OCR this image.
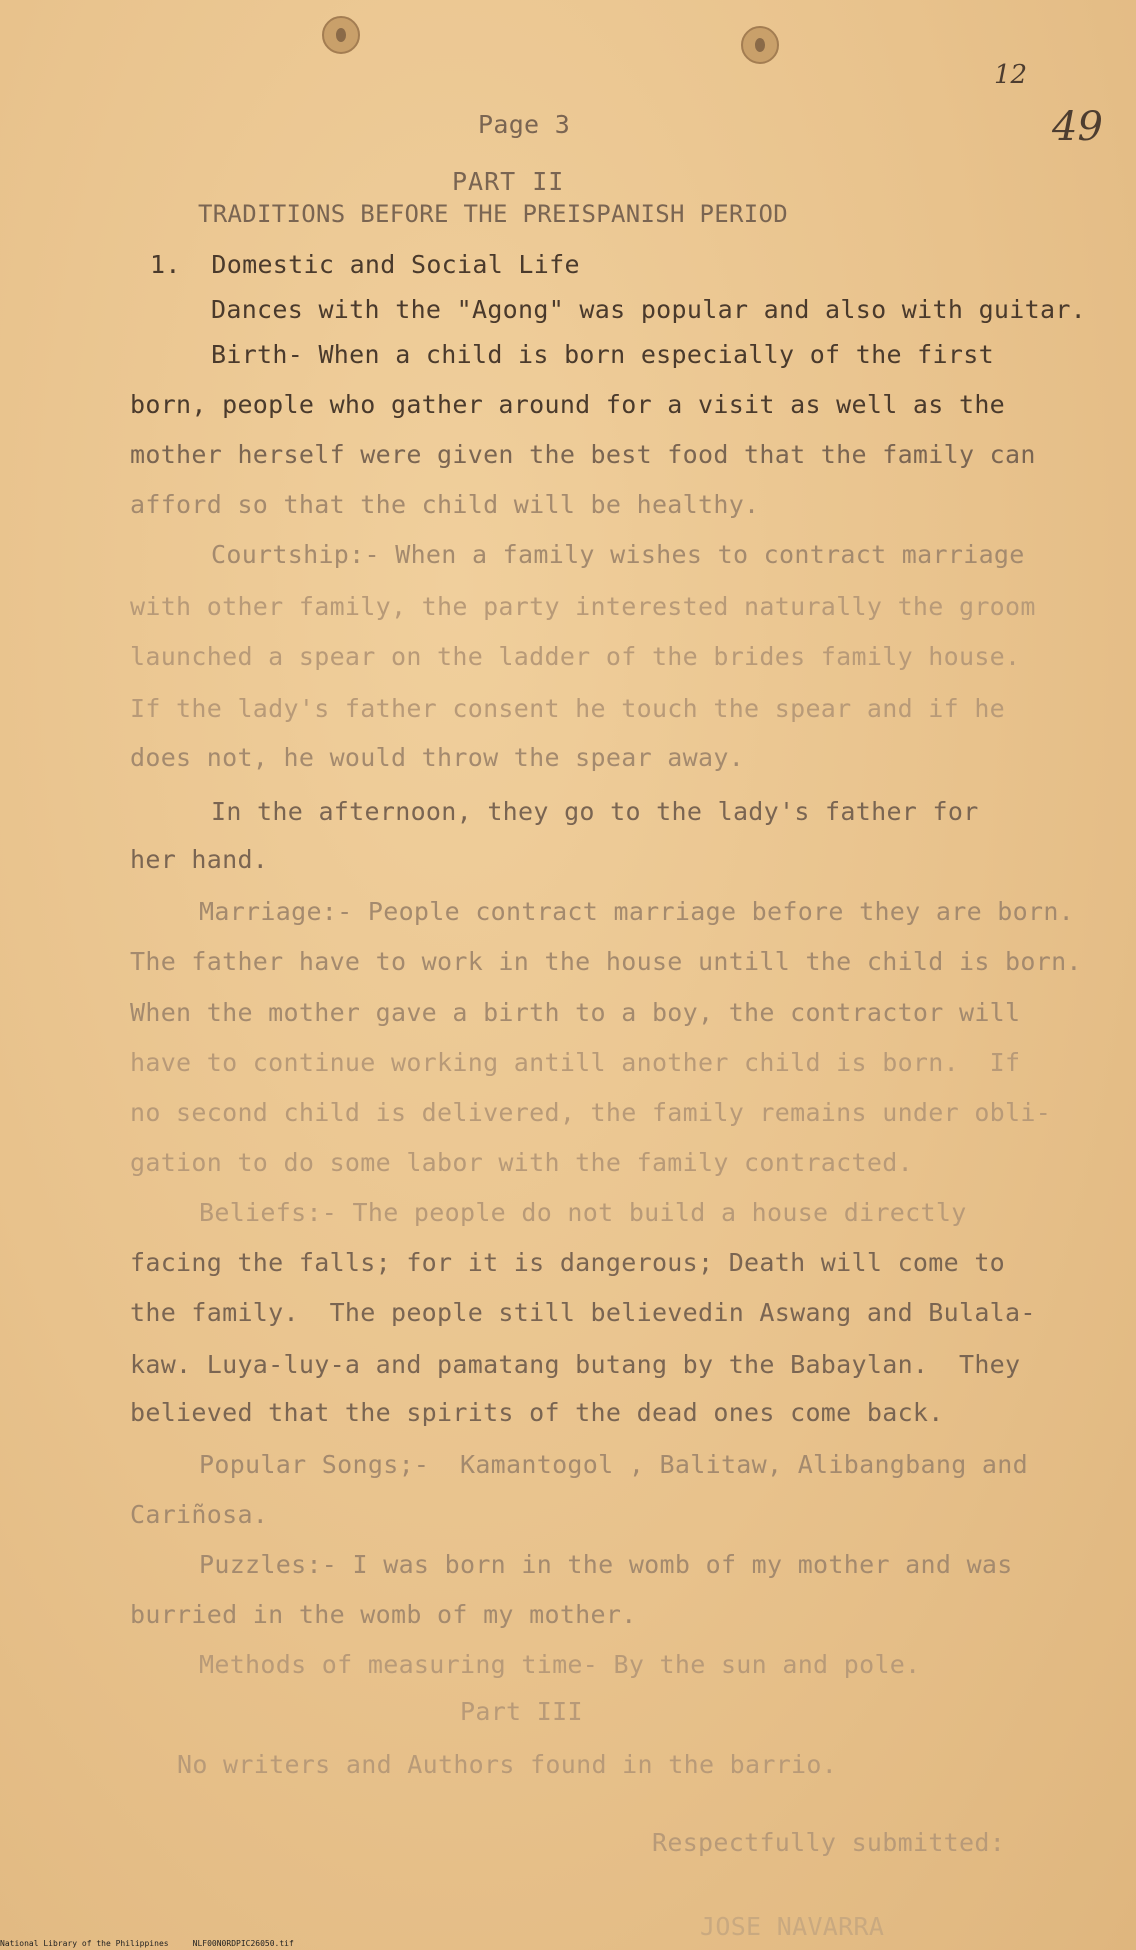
12
49
Page 3
PART II
TRADITIONS BEFORE THE PREISPANISH PERIOD
1.  Domestic and Social Life
Dances with the "Agong" was popular and also with guitar.
Birth- When a child is born especially of the first
born, people who gather around for a visit as well as the
mother herself were given the best food that the family can
afford so that the child will be healthy.
Courtship:- When a family wishes to contract marriage
with other family, the party interested naturally the groom
launched a spear on the ladder of the brides family house.
If the lady's father consent he touch the spear and if he
does not, he would throw the spear away.
In the afternoon, they go to the lady's father for
her hand.
Marriage:- People contract marriage before they are born.
The father have to work in the house untill the child is born.
When the mother gave a birth to a boy, the contractor will
have to continue working antill another child is born.  If
no second child is delivered, the family remains under obli-
gation to do some labor with the family contracted.
Beliefs:- The people do not build a house directly
facing the falls; for it is dangerous; Death will come to
the family.  The people still believedin Aswang and Bulala-
kaw. Luya-luy-a and pamatang butang by the Babaylan.  They
believed that the spirits of the dead ones come back.
Popular Songs;-  Kamantogol , Balitaw, Alibangbang and
Cariñosa.
Puzzles:- I was born in the womb of my mother and was
burried in the womb of my mother.
Methods of measuring time- By the sun and pole.
Part III
No writers and Authors found in the barrio.
Respectfully submitted:
JOSE NAVARRA
National Library of the Philippines     NLF00N0RDPIC26050.tif
